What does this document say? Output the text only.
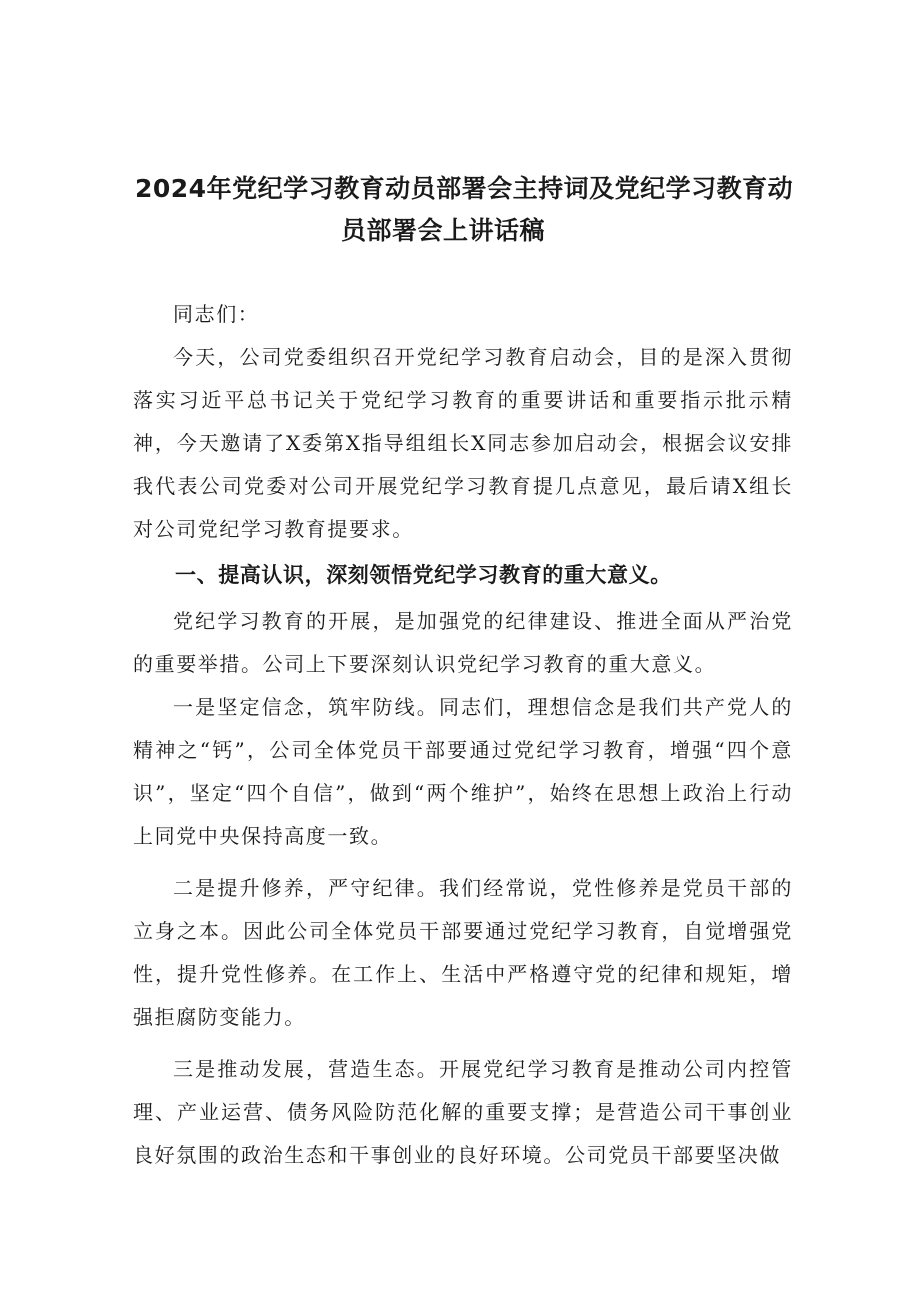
2024年党纪学习教育动员部署会主持词及党纪学习教育动
员部署会上讲话稿

同志们：

今天，公司党委组织召开党纪学习教育启动会，目的是深入贯彻落实习近平总书记关于党纪学习教育的重要讲话和重要指示批示精神，今天邀请了X委第X指导组组长X同志参加启动会，根据会议安排我代表公司党委对公司开展党纪学习教育提几点意见，最后请X组长对公司党纪学习教育提要求。

一、提高认识，深刻领悟党纪学习教育的重大意义。

党纪学习教育的开展，是加强党的纪律建设、推进全面从严治党的重要举措。公司上下要深刻认识党纪学习教育的重大意义。

一是坚定信念，筑牢防线。同志们，理想信念是我们共产党人的精神之“钙”，公司全体党员干部要通过党纪学习教育，增强“四个意识”，坚定“四个自信”，做到“两个维护”，始终在思想上政治上行动上同党中央保持高度一致。

二是提升修养，严守纪律。我们经常说，党性修养是党员干部的立身之本。因此公司全体党员干部要通过党纪学习教育，自觉增强党性，提升党性修养。在工作上、生活中严格遵守党的纪律和规矩，增强拒腐防变能力。

三是推动发展，营造生态。开展党纪学习教育是推动公司内控管理、产业运营、债务风险防范化解的重要支撑；是营造公司干事创业良好氛围的政治生态和干事创业的良好环境。公司党员干部要坚决做
